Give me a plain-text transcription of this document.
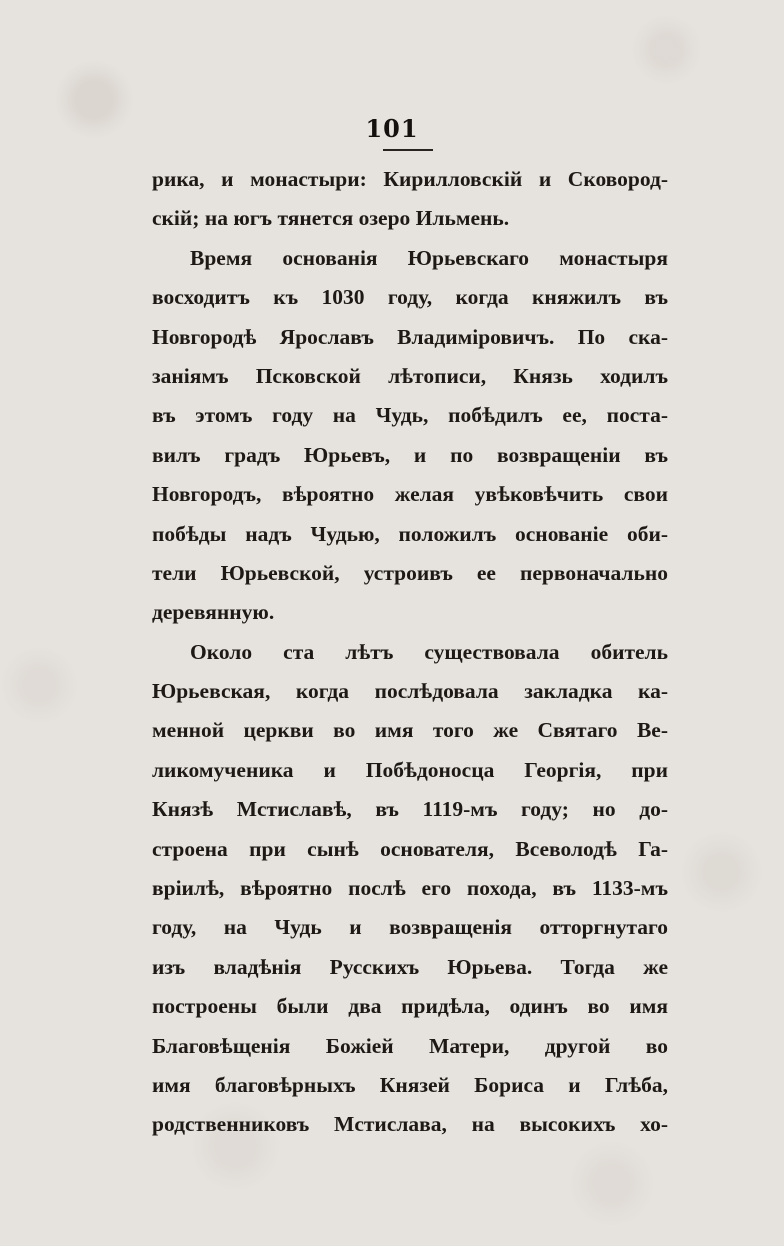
101
рика, и монастыри: Кирилловскій и Сковород-
скій; на югъ тянется озеро Ильмень.
Время основанія Юрьевскаго монастыря
восходитъ къ 1030 году, когда княжилъ въ
Новгородѣ Ярославъ Владиміровичъ. По ска-
заніямъ Псковской лѣтописи, Князь ходилъ
въ этомъ году на Чудь, побѣдилъ ее, поста-
вилъ градъ Юрьевъ, и по возвращеніи въ
Новгородъ, вѣроятно желая увѣковѣчить свои
побѣды надъ Чудью, положилъ основаніе оби-
тели Юрьевской, устроивъ ее первоначально
деревянную.
Около ста лѣтъ существовала обитель
Юрьевская, когда послѣдовала закладка ка-
менной церкви во имя того же Святаго Ве-
ликомученика и Побѣдоносца Георгія, при
Князѣ Мстиславѣ, въ 1119-мъ году; но до-
строена при сынѣ основателя, Всеволодѣ Га-
вріилѣ, вѣроятно послѣ его похода, въ 1133-мъ
году, на Чудь и возвращенія отторгнутаго
изъ владѣнія Русскихъ Юрьева. Тогда же
построены были два придѣла, одинъ во имя
Благовѣщенія Божіей Матери, другой во
имя благовѣрныхъ Князей Бориса и Глѣба,
родственниковъ Мстислава, на высокихъ хо-
